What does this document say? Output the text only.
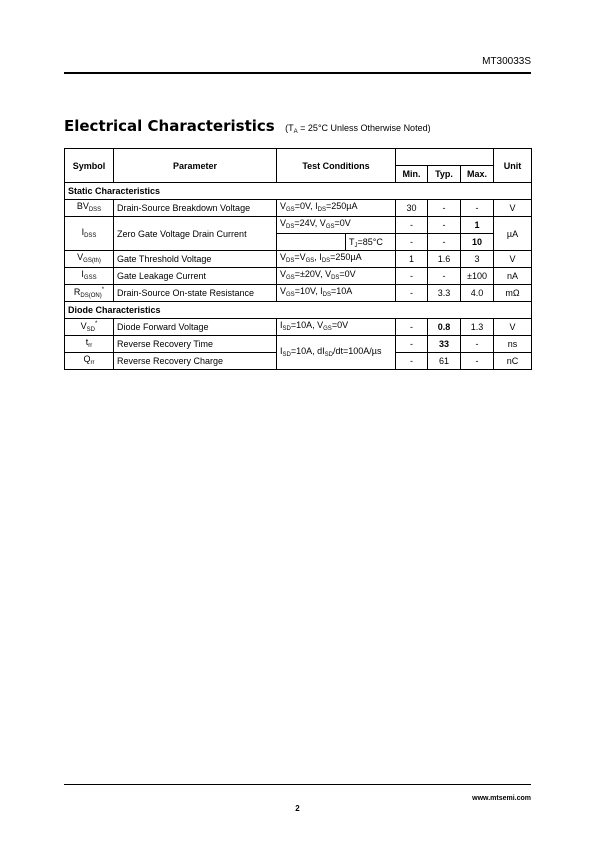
MT30033S
Electrical Characteristics ($T_A = 25^\circ C$ Unless Otherwise Noted)
Symbol	Parameter	Test Conditions				Unit
			Min.	Typ.	Max.	
Static Characteristics						
$BV_{DSS}$	Drain-Source Breakdown Voltage	$V_{GS}=0V$, $I_{DS}=250\mu A$	30	-	-	V
$I_{DSS}$	Zero Gate Voltage Drain Current	$V_{DS}=24V$, $V_{GS}=0V$	-	-	1	µA

		$T_J=85^\circ C$	-	-	10	
$V_{GS(th)}$	Gate Threshold Voltage	$V_{DS}=V_{GS}$, $I_{DS}=250\mu A$	1	1.6	3	V
$I_{GSS}$	Gate Leakage Current	$V_{GS}=\pm 20V$, $V_{DS}=0V$	-	-	±100	nA
$R_{DS(ON)}^*$	Drain-Source On-state Resistance	$V_{GS}=10V$, $I_{DS}=10A$	-	3.3	4.0	mΩ
Diode Characteristics						
$V_{SD}^*$	Diode Forward Voltage	$I_{SD}=10A$, $V_{GS}=0V$	-	0.8	1.3	V
$t_{rr}$	Reverse Recovery Time	$I_{SD}=10A$, $dI_{SD}/dt=100A/\mu s$	-	33	-	ns
$Q_{rr}$	Reverse Recovery Charge		-	61	-	nC
www.mtsemi.com
2
